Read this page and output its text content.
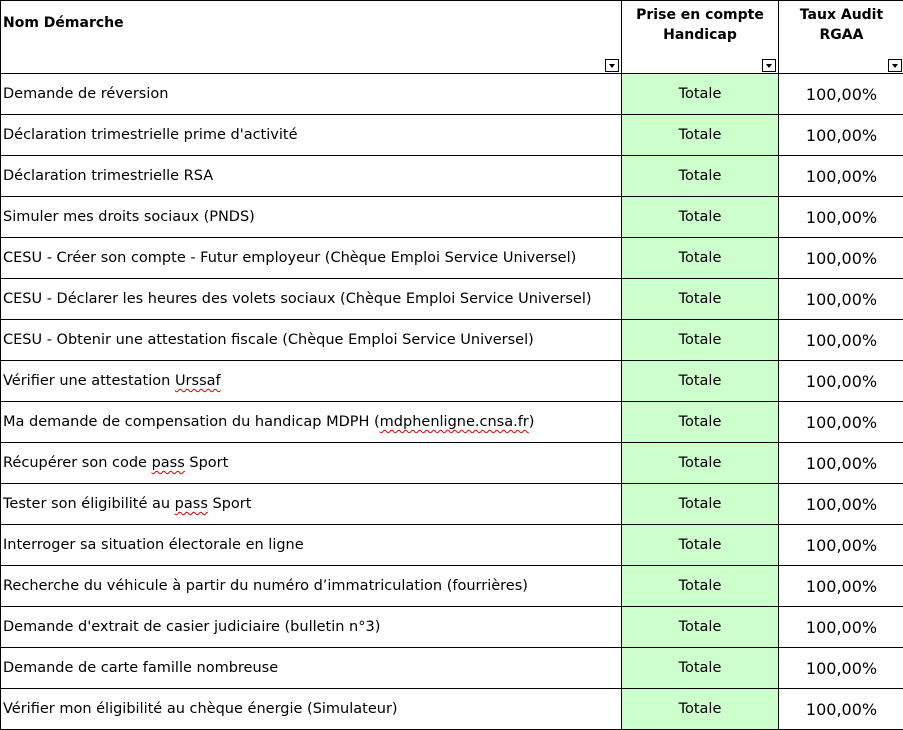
Nom Démarche	Prise en compte Handicap	Taux Audit RGAA

Demande de réversion	Totale	100,00%
Déclaration trimestrielle prime d'activité	Totale	100,00%
Déclaration trimestrielle RSA	Totale	100,00%
Simuler mes droits sociaux (PNDS)	Totale	100,00%
CESU - Créer son compte - Futur employeur (Chèque Emploi Service Universel)	Totale	100,00%
CESU - Déclarer les heures des volets sociaux (Chèque Emploi Service Universel)	Totale	100,00%
CESU - Obtenir une attestation fiscale (Chèque Emploi Service Universel)	Totale	100,00%
Vérifier une attestation Urssaf	Totale	100,00%
Ma demande de compensation du handicap MDPH (mdphenligne.cnsa.fr)	Totale	100,00%
Récupérer son code pass Sport	Totale	100,00%
Tester son éligibilité au pass Sport	Totale	100,00%
Interroger sa situation électorale en ligne	Totale	100,00%
Recherche du véhicule à partir du numéro d’immatriculation (fourrières)	Totale	100,00%
Demande d'extrait de casier judiciaire (bulletin n°3)	Totale	100,00%
Demande de carte famille nombreuse	Totale	100,00%
Vérifier mon éligibilité au chèque énergie (Simulateur)	Totale	100,00%
